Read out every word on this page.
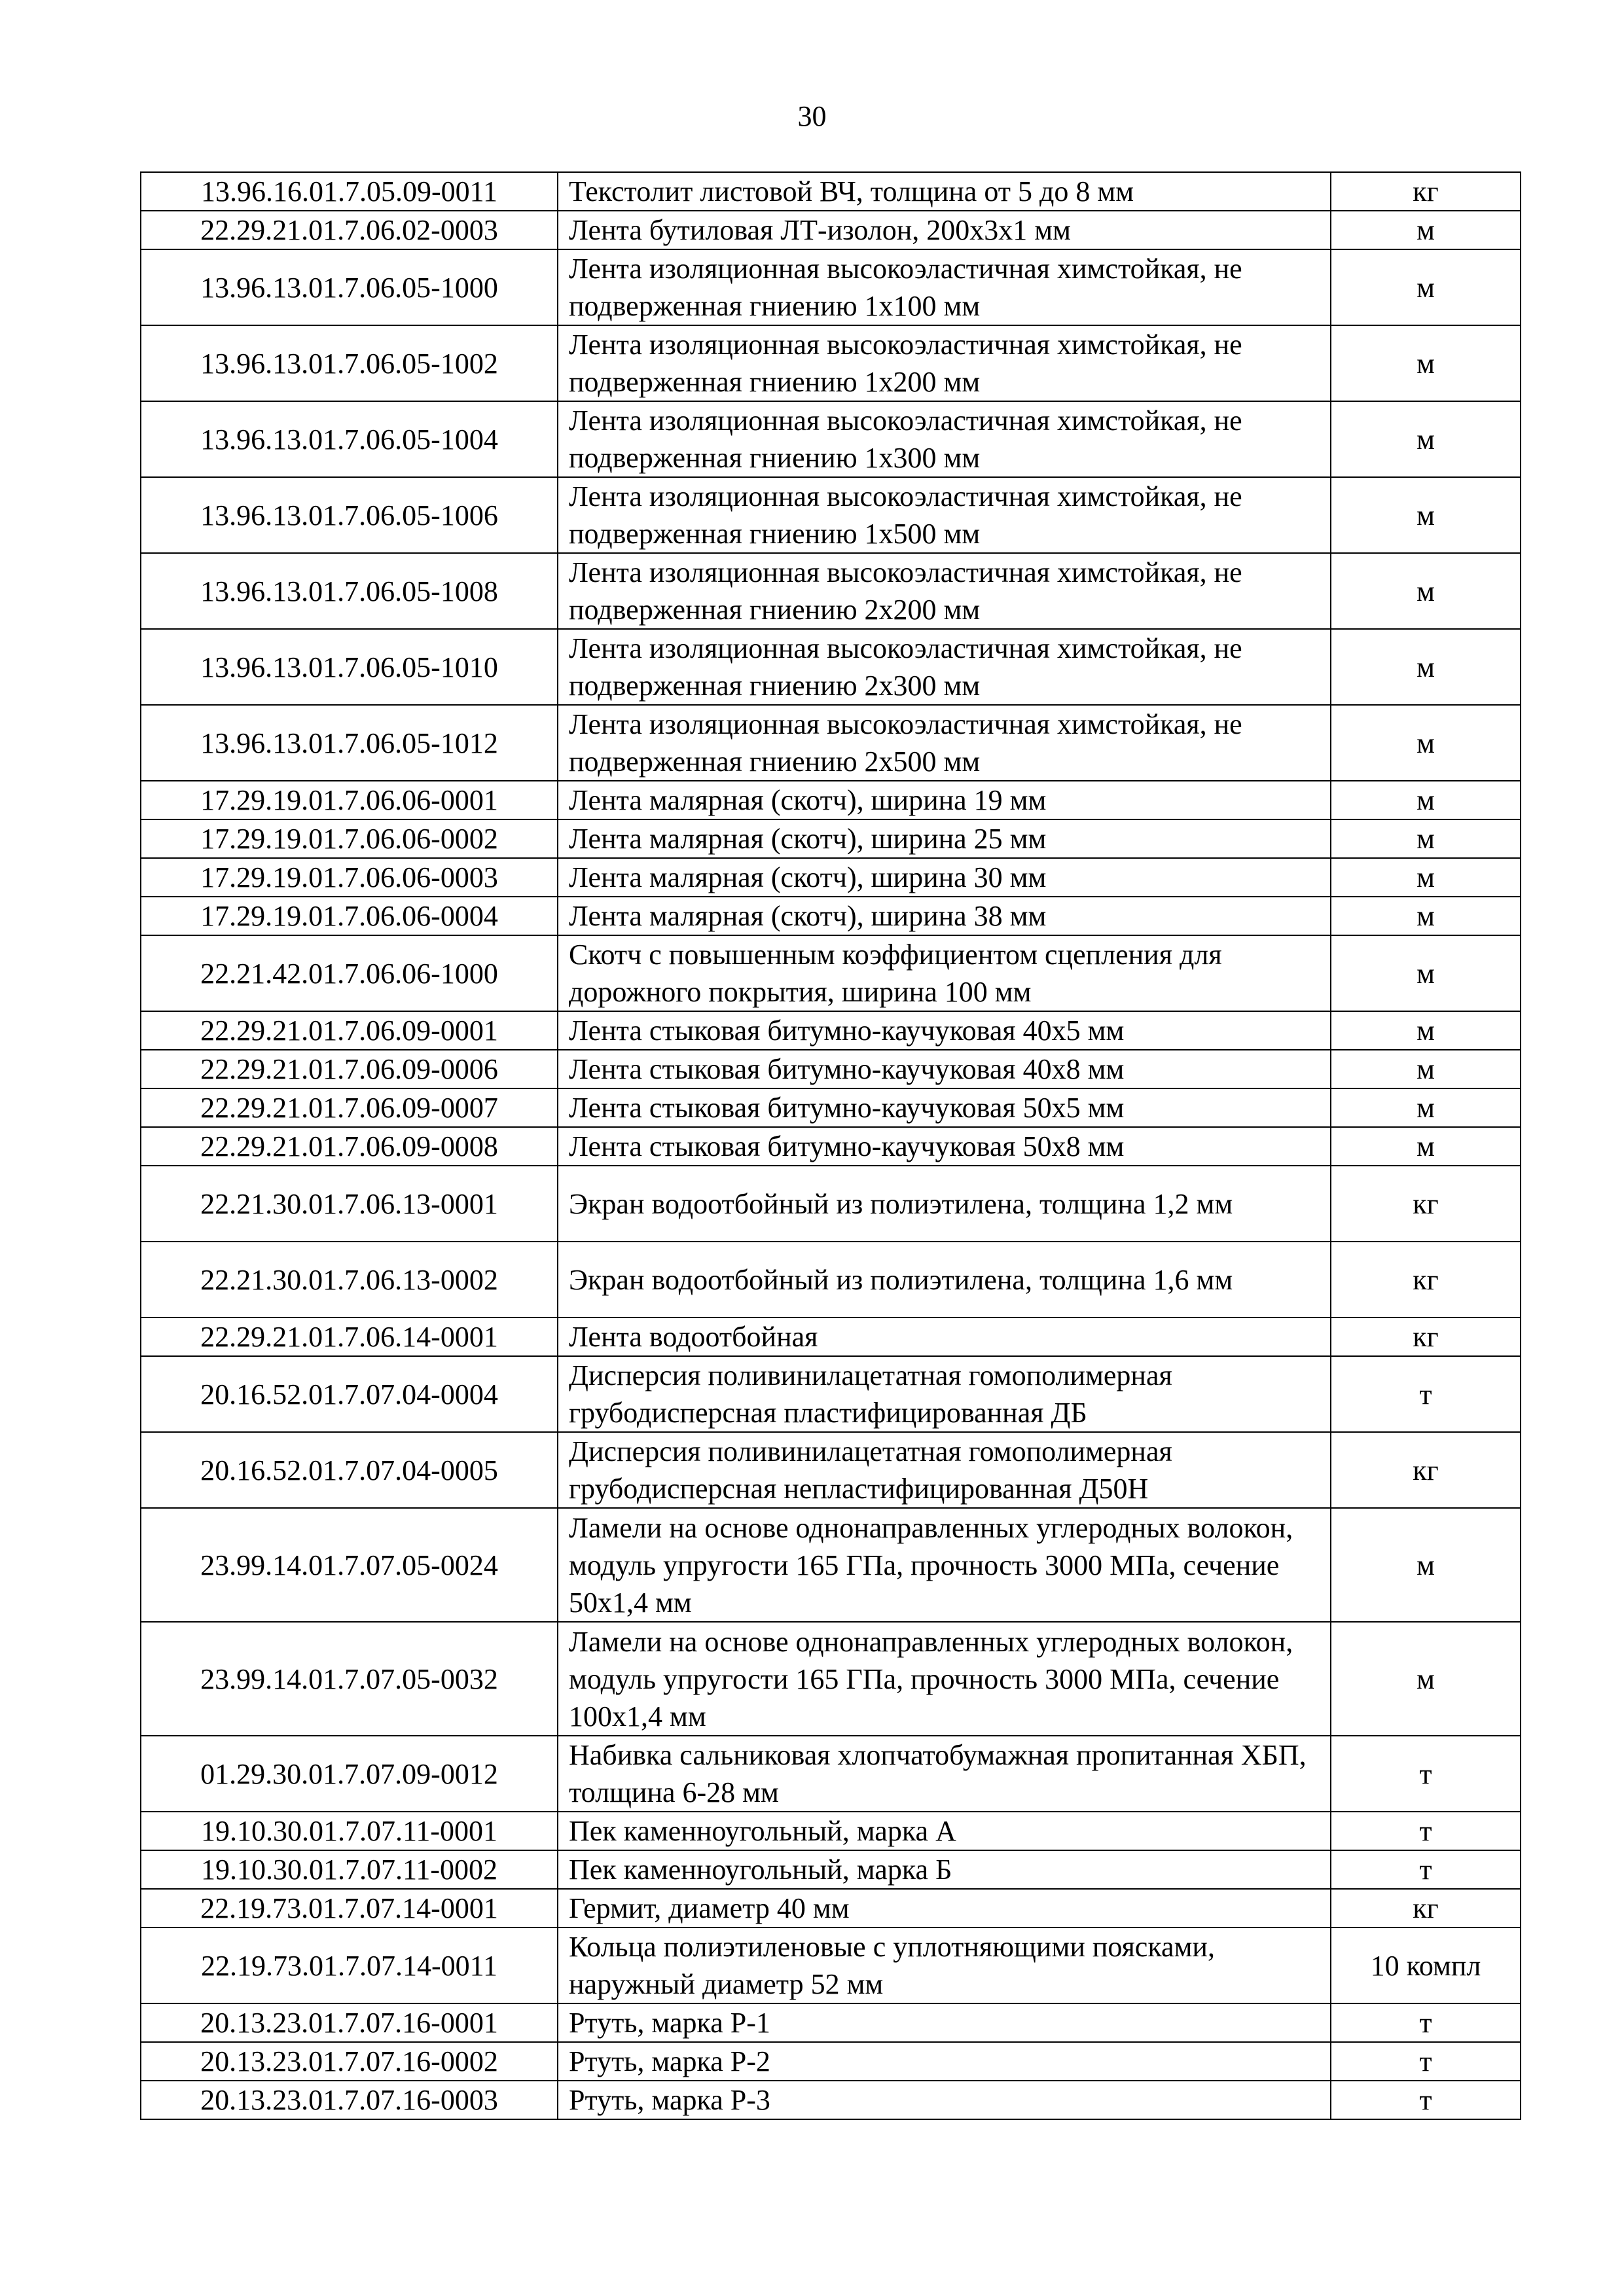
30
13.96.16.01.7.05.09-0011	Текстолит листовой ВЧ, толщина от 5 до 8 мм	кг
22.29.21.01.7.06.02-0003	Лента бутиловая ЛТ-изолон, 200х3х1 мм	м
13.96.13.01.7.06.05-1000	Лента изоляционная высокоэластичная химстойкая, не подверженная гниению 1х100 мм	м
13.96.13.01.7.06.05-1002	Лента изоляционная высокоэластичная химстойкая, не подверженная гниению 1х200 мм	м
13.96.13.01.7.06.05-1004	Лента изоляционная высокоэластичная химстойкая, не подверженная гниению 1х300 мм	м
13.96.13.01.7.06.05-1006	Лента изоляционная высокоэластичная химстойкая, не подверженная гниению 1х500 мм	м
13.96.13.01.7.06.05-1008	Лента изоляционная высокоэластичная химстойкая, не подверженная гниению 2х200 мм	м
13.96.13.01.7.06.05-1010	Лента изоляционная высокоэластичная химстойкая, не подверженная гниению 2х300 мм	м
13.96.13.01.7.06.05-1012	Лента изоляционная высокоэластичная химстойкая, не подверженная гниению 2х500 мм	м
17.29.19.01.7.06.06-0001	Лента малярная (скотч), ширина 19 мм	м
17.29.19.01.7.06.06-0002	Лента малярная (скотч), ширина 25 мм	м
17.29.19.01.7.06.06-0003	Лента малярная (скотч), ширина 30 мм	м
17.29.19.01.7.06.06-0004	Лента малярная (скотч), ширина 38 мм	м
22.21.42.01.7.06.06-1000	Скотч с повышенным коэффициентом сцепления для дорожного покрытия, ширина 100 мм	м
22.29.21.01.7.06.09-0001	Лента стыковая битумно-каучуковая 40х5 мм	м
22.29.21.01.7.06.09-0006	Лента стыковая битумно-каучуковая 40х8 мм	м
22.29.21.01.7.06.09-0007	Лента стыковая битумно-каучуковая 50х5 мм	м
22.29.21.01.7.06.09-0008	Лента стыковая битумно-каучуковая 50х8 мм	м
22.21.30.01.7.06.13-0001	Экран водоотбойный из полиэтилена, толщина 1,2 мм	кг
22.21.30.01.7.06.13-0002	Экран водоотбойный из полиэтилена, толщина 1,6 мм	кг
22.29.21.01.7.06.14-0001	Лента водоотбойная	кг
20.16.52.01.7.07.04-0004	Дисперсия поливинилацетатная гомополимерная грубодисперсная пластифицированная ДБ	т
20.16.52.01.7.07.04-0005	Дисперсия поливинилацетатная гомополимерная грубодисперсная непластифицированная Д50Н	кг
23.99.14.01.7.07.05-0024	Ламели на основе однонаправленных углеродных волокон, модуль упругости 165 ГПа, прочность 3000 МПа, сечение 50х1,4 мм	м
23.99.14.01.7.07.05-0032	Ламели на основе однонаправленных углеродных волокон, модуль упругости 165 ГПа, прочность 3000 МПа, сечение 100х1,4 мм	м
01.29.30.01.7.07.09-0012	Набивка сальниковая хлопчатобумажная пропитанная ХБП, толщина 6-28 мм	т
19.10.30.01.7.07.11-0001	Пек каменноугольный, марка А	т
19.10.30.01.7.07.11-0002	Пек каменноугольный, марка Б	т
22.19.73.01.7.07.14-0001	Гермит, диаметр 40 мм	кг
22.19.73.01.7.07.14-0011	Кольца полиэтиленовые с уплотняющими поясками, наружный диаметр 52 мм	10 компл
20.13.23.01.7.07.16-0001	Ртуть, марка Р-1	т
20.13.23.01.7.07.16-0002	Ртуть, марка Р-2	т
20.13.23.01.7.07.16-0003	Ртуть, марка Р-3	т
